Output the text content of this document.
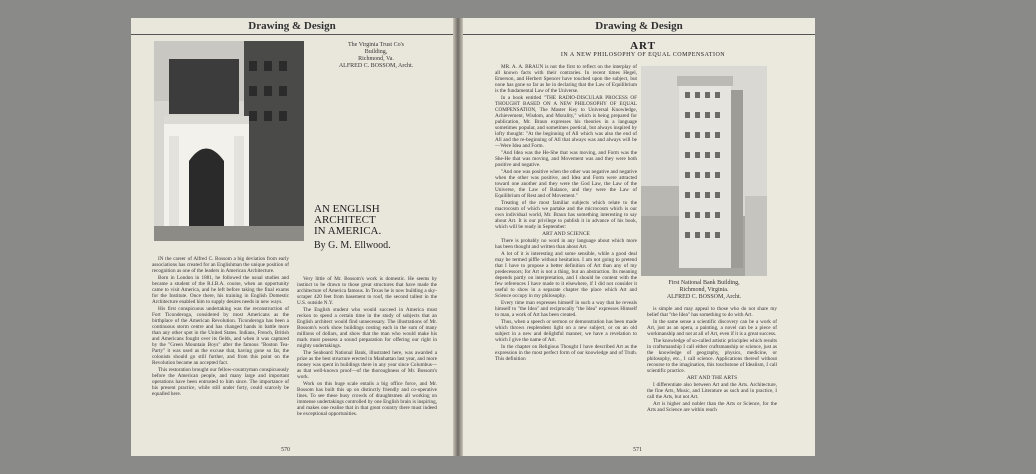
Drawing & Design
The Virginia Trust Co's
Building,
Richmond, Va.
ALFRED C. BOSSOM, Archt.
AN ENGLISH
ARCHITECT
IN AMERICA.
By G. M. Ellwood.

IN the career of Alfred C. Bossom a big deviation from early associations has created for an Englishman the unique position of recognition as one of the leaders in American Architecture.

Born in London in 1881, he followed the usual studies and became a student of the R.I.B.A. course, when an opportunity came to visit America, and he left before taking the final exams for the Institute. Once there, his training in English Domestic Architecture enabled him to supply desires needs in new ways.

His first conspicuous undertaking was the reconstruction of Fort Ticonderoga, considered by most Americans as the birthplace of the American Revolution. Ticonderoga has been a continuous storm centre and has changed hands in battle more than any other spot in the United States. Indians, French, British and Americans fought over its fields, and when it was captured by the "Green Mountain Boys" after the famous "Boston Tea-Party" it was used as the excuse that, having gone so far, the colonists should go still further, and from this point on the Revolution became an accepted fact.

This restoration brought our fellow-countryman conspicuously before the American people, and many large and important operations have been entrusted to him since. The importance of his present practice, while still under forty, could scarcely be equalled here.

Very little of Mr. Bossom's work is domestic. He seems by instinct to be drawn to those great structures that have made the architecture of America famous. In Texas he is now building a sky-scraper 420 feet from basement to roof, the second tallest in the U.S. outside N.Y.

The English student who would succeed in America must reckon to spend a certain time in the study of subjects that an English architect would find unnecessary. The illustrations of Mr. Bossom's work show buildings costing each in the sum of many millions of dollars, and show that the man who would make his mark must possess a sound preparation for offering our right in mighty undertakings.

The Seaboard National Bank, illustrated here, was awarded a prize as the best structure erected in Manhattan last year, and more money was spent in buildings there in any year since Columbus—as that well-known proof—of the thoroughness of Mr. Bossom's work.

Work on this huge scale entails a big office force, and Mr. Bossom has built this up on distinctly friendly and co-operative lines. To see these busy crowds of draughtsmen all working on immense undertakings controlled by one English brain is inspiring, and makes one realise that in that great country there must indeed be exceptional opportunities.

570
Drawing & Design
ART
IN A NEW PHILOSOPHY OF EQUAL COMPENSATION

MR. A. A. BRAUN is not the first to reflect on the interplay of all known facts with their contraries. In recent times Hegel, Emerson, and Herbert Spencer have touched upon the subject, but none has gone so far as he in declaring that the Law of Equilibrium is the fundamental Law of the Universe.

In a book entitled "THE RADIO-DISCULAR PROCESS OF THOUGHT BASED ON A NEW PHILOSOPHY OF EQUAL COMPENSATION, The Master Key to Universal Knowledge, Achievement, Wisdom, and Morality," which is being prepared for publication, Mr. Braun expresses his theories in a language sometimes popular, and sometimes poetical, but always inspired by lofty thought: "At the beginning of All which was also the end of All and the re-beginning of All that always was and always will be—Were Idea and Form.

"And Idea was the He-She that was moving, and Form was the She-He that was moving, and Movement was and they were both positive and negative.

"And one was positive when the other was negative and negative when the other was positive, and Idea and Form were attracted toward one another and they were the God Law, the Law of the Universe, the Law of Balance, and they were the Law of Equilibrium of Rest and of Movement."

Treating of the most familiar subjects which relate to the macrocosm of which we partake and the microcosm which is our own individual world, Mr. Braun has something interesting to say about Art. It is our privilege to publish it in advance of his book, which will be ready in September:

ART AND SCIENCE

There is probably no word in any language about which more has been thought and written than about Art.

A lot of it is interesting and some sensible, while a good deal may be termed piffle without hesitation. I am not going to pretend that I have to propose a better definition of Art than any of my predecessors; for Art is not a thing, but an abstraction. Its meaning depends partly on interpretation, and I should be content with the few references I have made to it elsewhere, if I did not consider it useful to show in a separate chapter the place which Art and Science occupy in my philosophy.

Every time man expresses himself in such a way that he reveals himself to "the Idea" and reciprocally "the Idea" expresses Himself to man, a work of Art has been created.

Thus, when a speech or sermon or demonstration has been made which throws resplendent light on a new subject, or on an old subject in a new and delightful manner, we have a revelation to which I give the name of Art.

In the chapter on Religious Thought I have described Art as the expression in the most perfect form of our knowledge and of Truth. This definition

First National Bank Building,
Richmond, Virginia.
ALFRED C. BOSSOM, Archt.

is simple and may appeal to those who do not share my belief that "the Idea" has something to do with Art.

In the same sense a scientific discovery can be a work of Art, just as an opera, a painting, a novel can be a piece of workmanship and not at all of Art, even if it is a great success.

The knowledge of so-called artistic principles which results in craftsmanship I call either craftsmanship or science, just as the knowledge of geography, physics, medicine, or philosophy, etc., I call science. Applications thereof without recourse to the imagination, this touchstone of Idealism, I call scientific practice.

ART AND THE ARTS

I differentiate also between Art and the Arts. Architecture, the fine Arts, Music, and Literature as such and in practice, I call the Arts, but not Art.

Art is higher and nobler than the Arts or Science, for the Arts and Science are within reach

571
